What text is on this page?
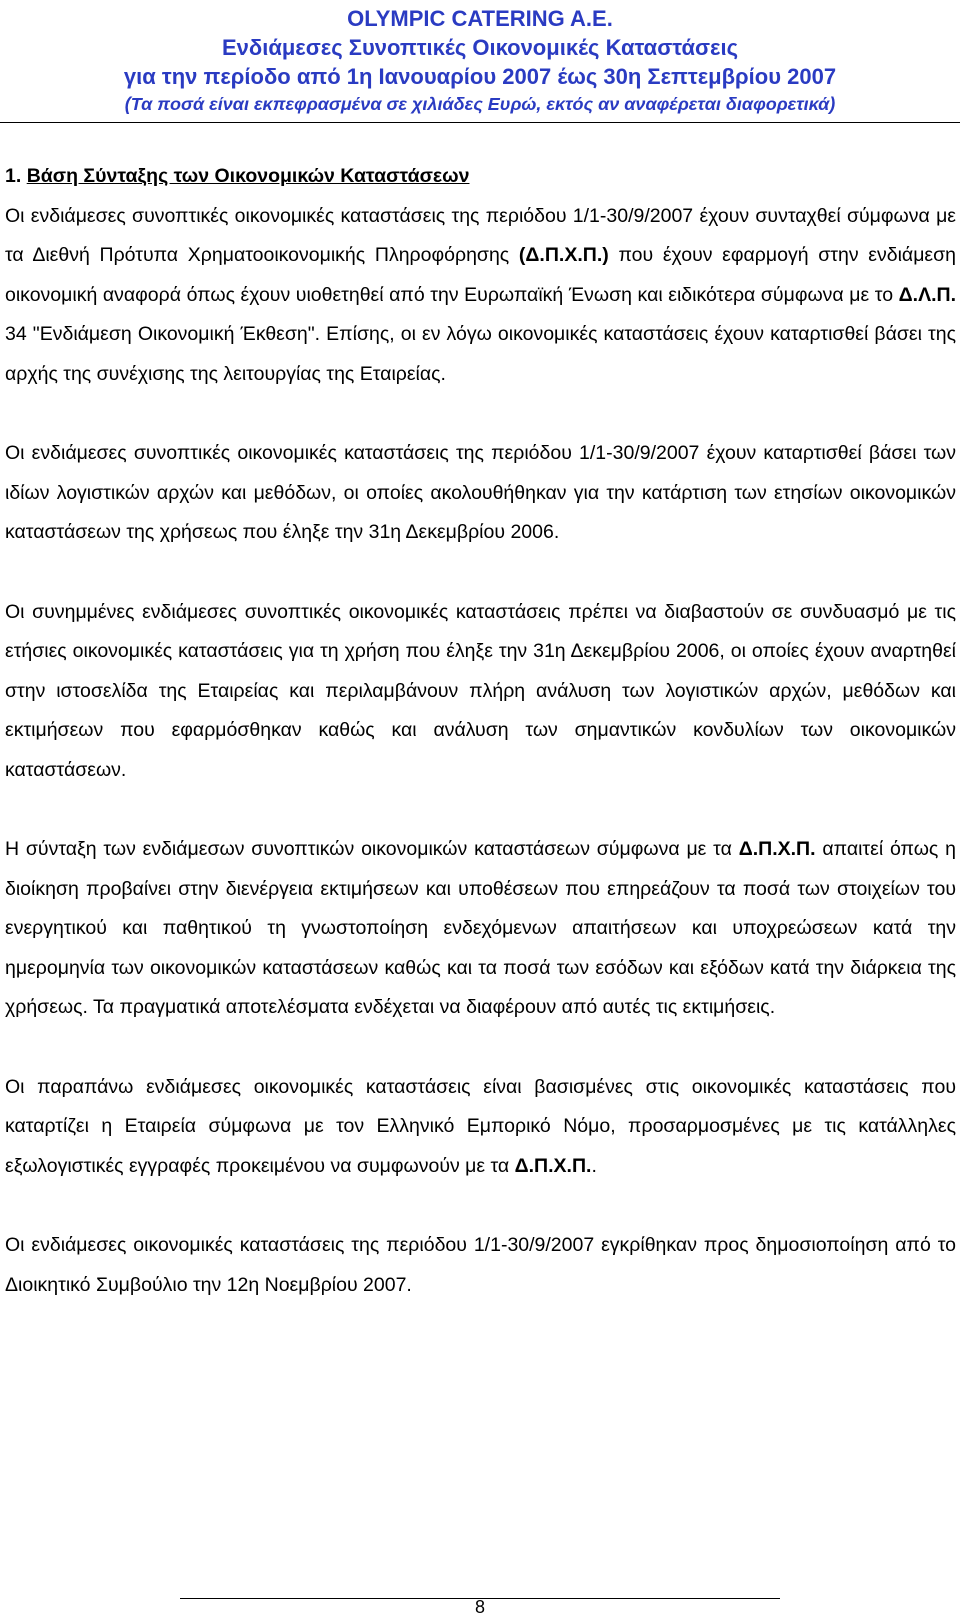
OLYMPIC CATERING A.E.
Ενδιάμεσες Συνοπτικές Οικονομικές Καταστάσεις
για την περίοδο από 1η Ιανουαρίου 2007 έως 30η Σεπτεμβρίου 2007
(Τα ποσά είναι εκπεφρασμένα σε χιλιάδες Ευρώ, εκτός αν αναφέρεται διαφορετικά)

1. Βάση Σύνταξης των Οικονομικών Καταστάσεων

Οι ενδιάμεσες συνοπτικές οικονομικές καταστάσεις της περιόδου 1/1-30/9/2007 έχουν συνταχθεί σύμφωνα με τα Διεθνή Πρότυπα Χρηματοοικονομικής Πληροφόρησης (Δ.Π.Χ.Π.) που έχουν εφαρμογή στην ενδιάμεση οικονομική αναφορά όπως έχουν υιοθετηθεί από την Ευρωπαϊκή Ένωση και ειδικότερα σύμφωνα με το Δ.Λ.Π. 34 "Ενδιάμεση Οικονομική Έκθεση". Επίσης, οι εν λόγω οικονομικές καταστάσεις έχουν καταρτισθεί βάσει της αρχής της συνέχισης της λειτουργίας της Εταιρείας.

Οι ενδιάμεσες συνοπτικές οικονομικές καταστάσεις της περιόδου 1/1-30/9/2007 έχουν καταρτισθεί βάσει των ιδίων λογιστικών αρχών και μεθόδων, οι οποίες ακολουθήθηκαν για την κατάρτιση των ετησίων οικονομικών καταστάσεων της χρήσεως που έληξε την 31η Δεκεμβρίου 2006.

Οι συνημμένες ενδιάμεσες συνοπτικές οικονομικές καταστάσεις πρέπει να διαβαστούν σε συνδυασμό με τις ετήσιες οικονομικές καταστάσεις για τη χρήση που έληξε την 31η Δεκεμβρίου 2006, οι οποίες έχουν αναρτηθεί στην ιστοσελίδα της Εταιρείας και περιλαμβάνουν πλήρη ανάλυση των λογιστικών αρχών, μεθόδων και εκτιμήσεων που εφαρμόσθηκαν καθώς και ανάλυση των σημαντικών κονδυλίων των οικονομικών καταστάσεων.

Η σύνταξη των ενδιάμεσων συνοπτικών οικονομικών καταστάσεων σύμφωνα με τα Δ.Π.Χ.Π. απαιτεί όπως η διοίκηση προβαίνει στην διενέργεια εκτιμήσεων και υποθέσεων που επηρεάζουν τα ποσά των στοιχείων του ενεργητικού και παθητικού τη γνωστοποίηση ενδεχόμενων απαιτήσεων και υποχρεώσεων κατά την ημερομηνία των οικονομικών καταστάσεων καθώς και τα ποσά των εσόδων και εξόδων κατά την διάρκεια της χρήσεως. Τα πραγματικά αποτελέσματα ενδέχεται να διαφέρουν από αυτές τις εκτιμήσεις.

Οι παραπάνω ενδιάμεσες οικονομικές καταστάσεις είναι βασισμένες στις οικονομικές καταστάσεις που καταρτίζει η Εταιρεία σύμφωνα με τον Ελληνικό Εμπορικό Νόμο, προσαρμοσμένες με τις κατάλληλες εξωλογιστικές εγγραφές προκειμένου να συμφωνούν με τα Δ.Π.Χ.Π..

Οι ενδιάμεσες οικονομικές καταστάσεις της περιόδου 1/1-30/9/2007 εγκρίθηκαν προς δημοσιοποίηση από το Διοικητικό Συμβούλιο την 12η Νοεμβρίου 2007.

8
